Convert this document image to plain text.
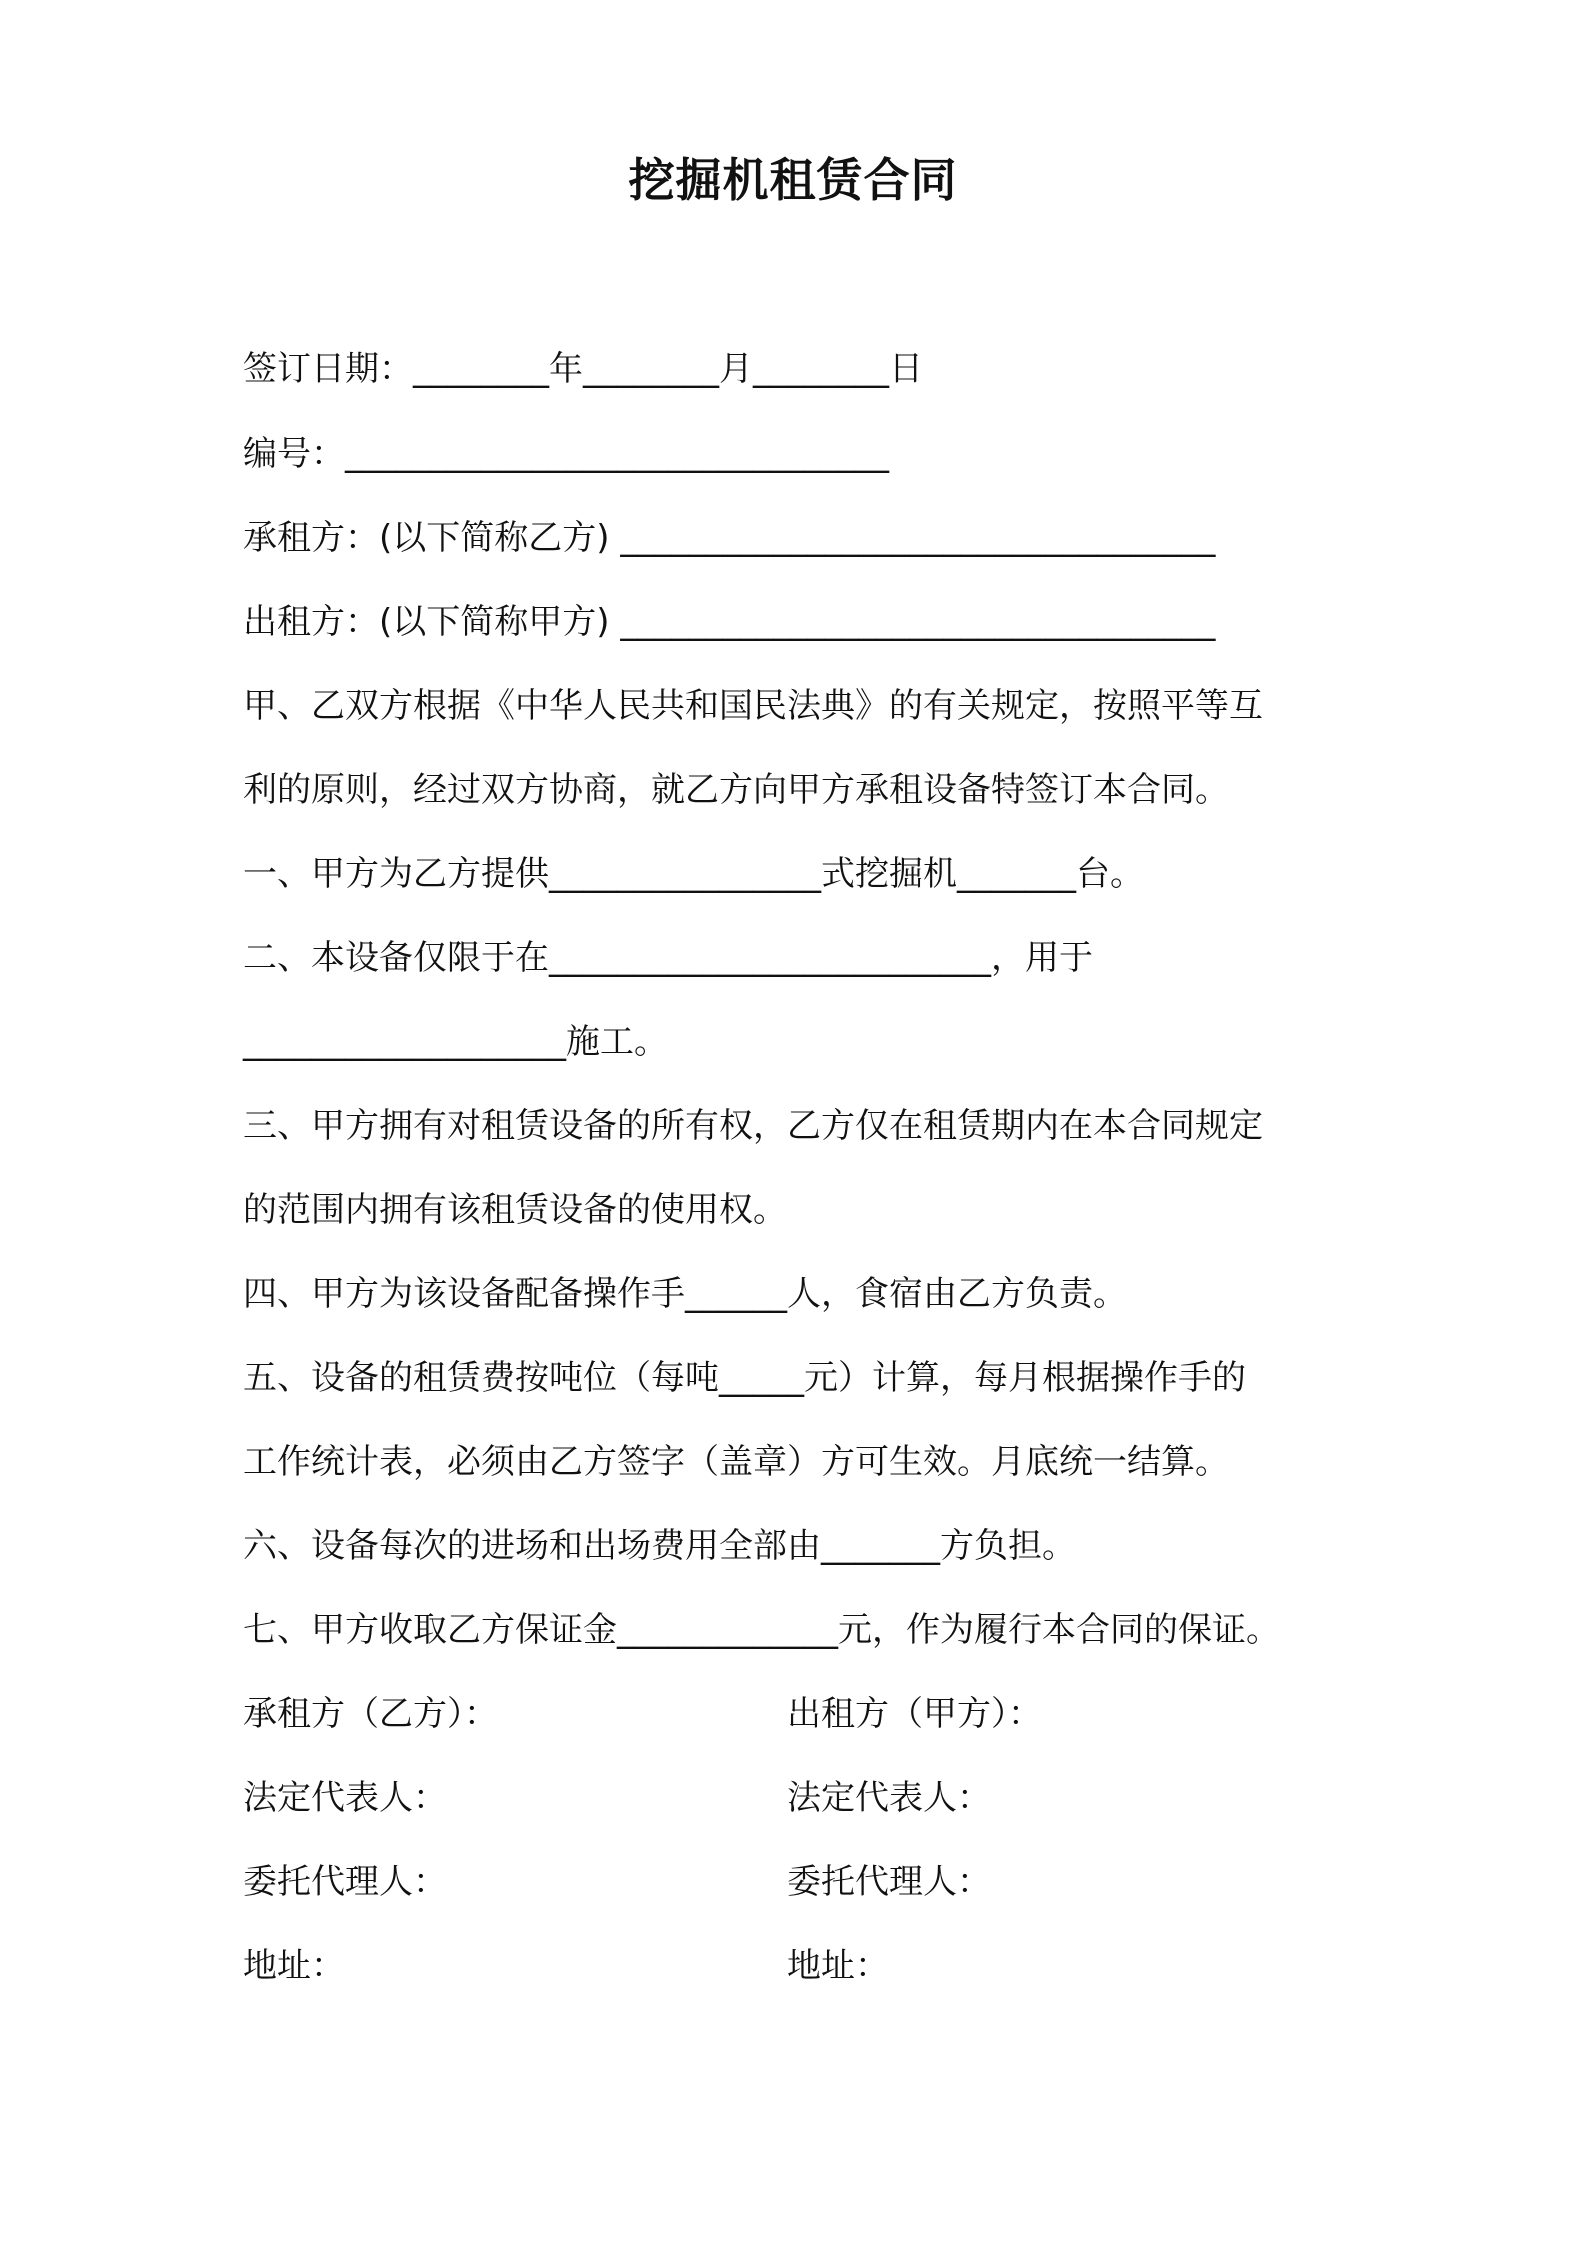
挖掘机租赁合同
签订日期：________年________月________日
编号：________________________________
承租方：(以下简称乙方) ___________________________________
出租方：(以下简称甲方) ___________________________________
甲、乙双方根据《中华人民共和国民法典》的有关规定，按照平等互
利的原则，经过双方协商，就乙方向甲方承租设备特签订本合同。
一、甲方为乙方提供________________式挖掘机_______台。
二、本设备仅限于在__________________________，用于
___________________施工。
三、甲方拥有对租赁设备的所有权，乙方仅在租赁期内在本合同规定
的范围内拥有该租赁设备的使用权。
四、甲方为该设备配备操作手______人，食宿由乙方负责。
五、设备的租赁费按吨位（每吨_____元）计算，每月根据操作手的
工作统计表，必须由乙方签字（盖章）方可生效。月底统一结算。
六、设备每次的进场和出场费用全部由_______方负担。
七、甲方收取乙方保证金_____________元，作为履行本合同的保证。
承租方（乙方）：
法定代表人：
委托代理人：
地址：
出租方（甲方）：
法定代表人：
委托代理人：
地址：
